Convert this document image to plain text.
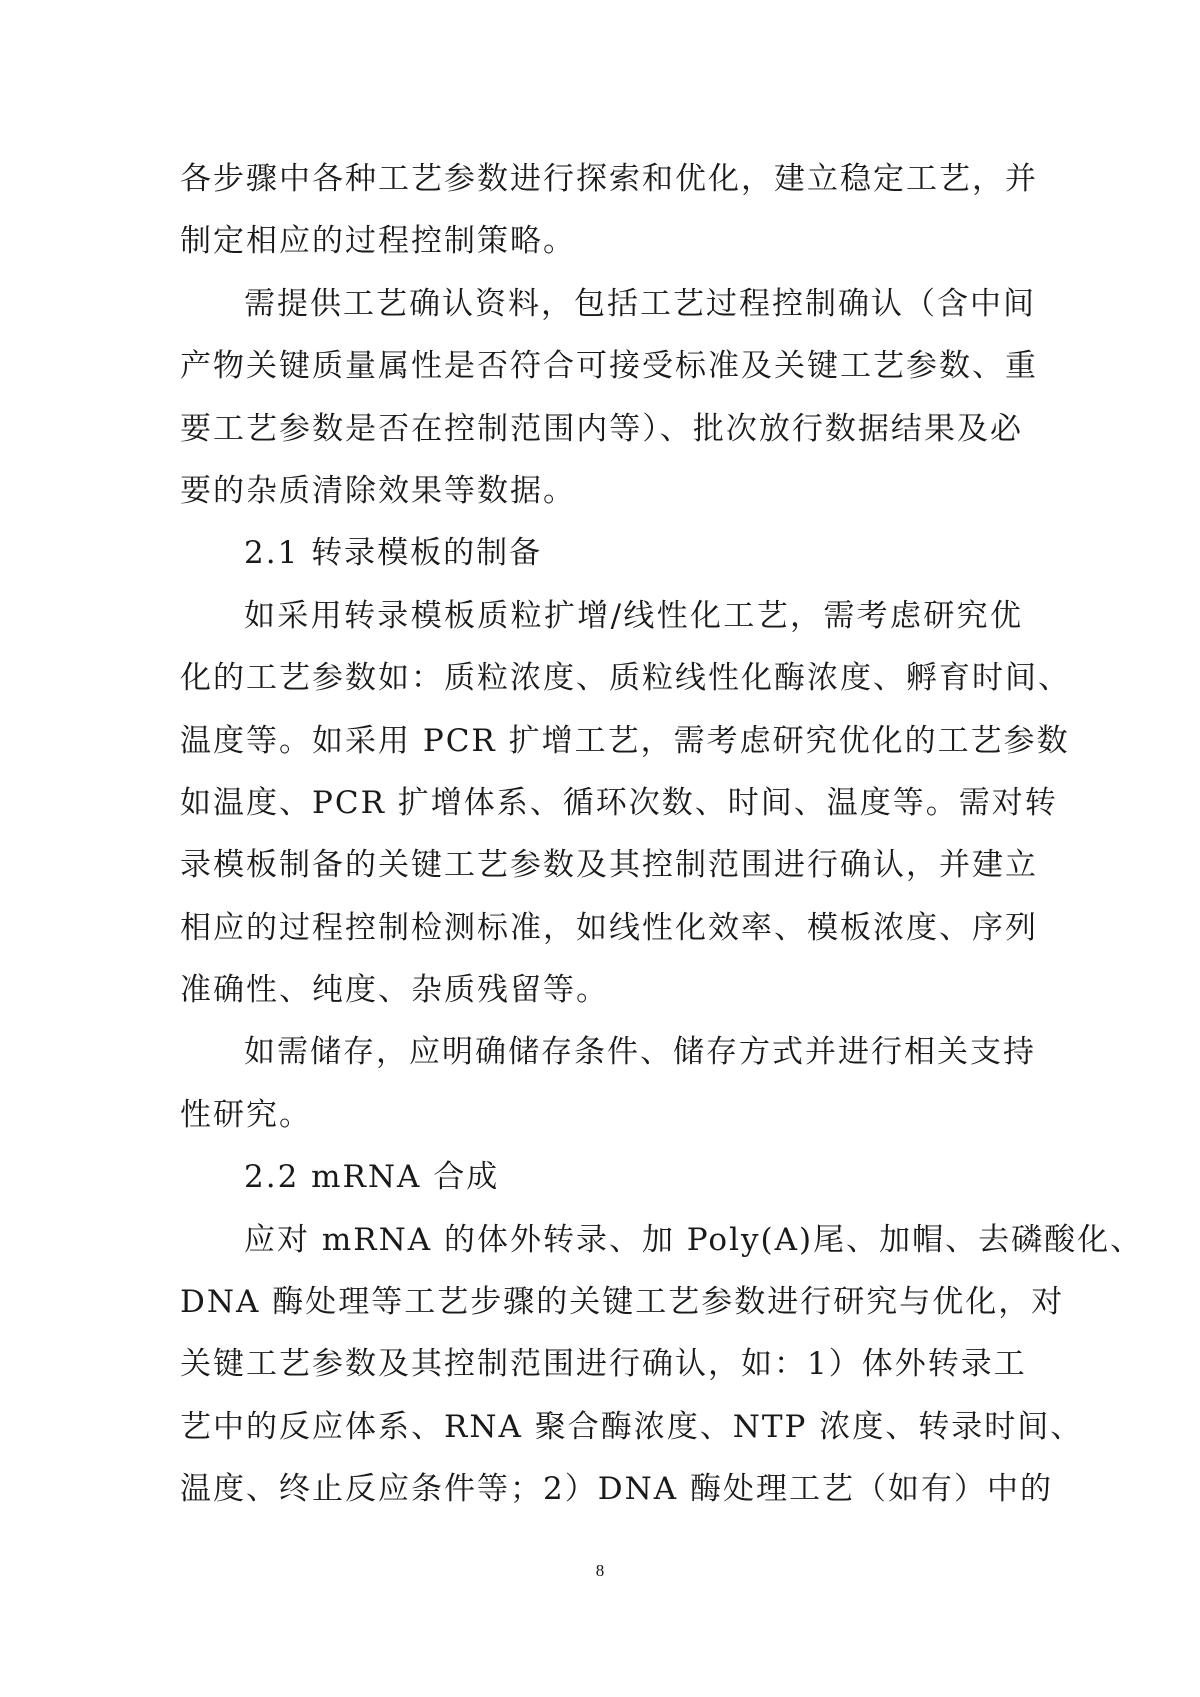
各步骤中各种工艺参数进行探索和优化，建立稳定工艺，并
制定相应的过程控制策略。
需提供工艺确认资料，包括工艺过程控制确认（含中间
产物关键质量属性是否符合可接受标准及关键工艺参数、重
要工艺参数是否在控制范围内等）、批次放行数据结果及必
要的杂质清除效果等数据。
2.1 转录模板的制备
如采用转录模板质粒扩增/线性化工艺，需考虑研究优
化的工艺参数如：质粒浓度、质粒线性化酶浓度、孵育时间、
温度等。如采用 PCR 扩增工艺，需考虑研究优化的工艺参数
如温度、PCR 扩增体系、循环次数、时间、温度等。需对转
录模板制备的关键工艺参数及其控制范围进行确认，并建立
相应的过程控制检测标准，如线性化效率、模板浓度、序列
准确性、纯度、杂质残留等。
如需储存，应明确储存条件、储存方式并进行相关支持
性研究。
2.2 mRNA 合成
应对 mRNA 的体外转录、加 Poly(A)尾、加帽、去磷酸化、
DNA 酶处理等工艺步骤的关键工艺参数进行研究与优化，对
关键工艺参数及其控制范围进行确认，如：1）体外转录工
艺中的反应体系、RNA 聚合酶浓度、NTP 浓度、转录时间、
温度、终止反应条件等；2）DNA 酶处理工艺（如有）中的
8
